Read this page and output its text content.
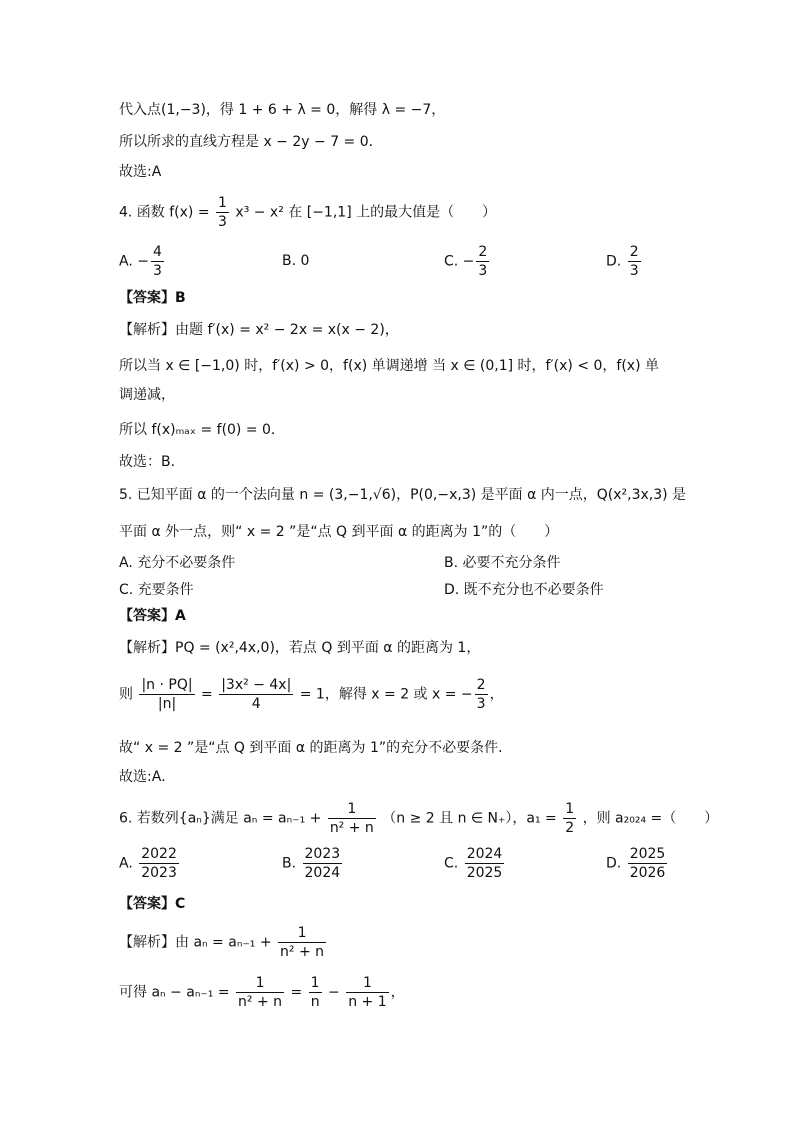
代入点(1,−3)，得 1 + 6 + λ = 0，解得 λ = −7，
所以所求的直线方程是 x − 2y − 7 = 0．
故选:A
4. 函数 $f(x) = \frac{1}{3} x^3 - x^2$ 在 [−1,1] 上的最大值是（　　）
A. − $\frac{4}{3}$	B. 0	C. − $\frac{2}{3}$	D. $\frac{2}{3}$
【答案】B
【解析】由题 f′(x) = x² − 2x = x(x − 2)，
所以当 x ∈ [−1,0) 时，f′(x) > 0，f(x) 单调递增 当 x ∈ (0,1] 时，f′(x) < 0，f(x) 单
调递减，
所以 f(x)ₘₐₓ = f(0) = 0．
故选：B.
5. 已知平面 α 的一个法向量 n = (3,−1,√6)，P(0,−x,3) 是平面 α 内一点，Q(x²,3x,3) 是
平面 α 外一点，则“ x = 2 ”是“点 Q 到平面 α 的距离为 1”的（　　）
A. 充分不必要条件	B. 必要不充分条件
C. 充要条件	D. 既不充分也不必要条件
【答案】A
【解析】PQ = (x²,4x,0)，若点 Q 到平面 α 的距离为 1，
则 $\frac{|n \cdot PQ|}{|n|} = \frac{\text{|3x² − 4x|}}{4} = 1$，解得 x = 2 或 x = − $\frac{2}{3}$ ，
故“ x = 2 ”是“点 Q 到平面 α 的距离为 1”的充分不必要条件．
故选:A．
6. 若数列{aₙ}满足 $a_n = a_{n-1} + \frac{1}{\text{n² + n}} (n \ge 2$ 且 n ∈ N₊），$a_1 = \frac{1}{2}$ ，则 a₂₀₂₄ =（　　）
A. $\frac{2022}{2023}$	B. $\frac{2023}{2024}$	C. $\frac{2024}{2025}$	D. $\frac{2025}{2026}$
【答案】C
【解析】由 $a_n = a_{n-1} + \frac{1}{\text{n² + n}}$
可得 $a_n - a_{n-1} = \frac{1}{\text{n² + n}} = \frac{1}{n} - \frac{1}{n + 1}$ ，
